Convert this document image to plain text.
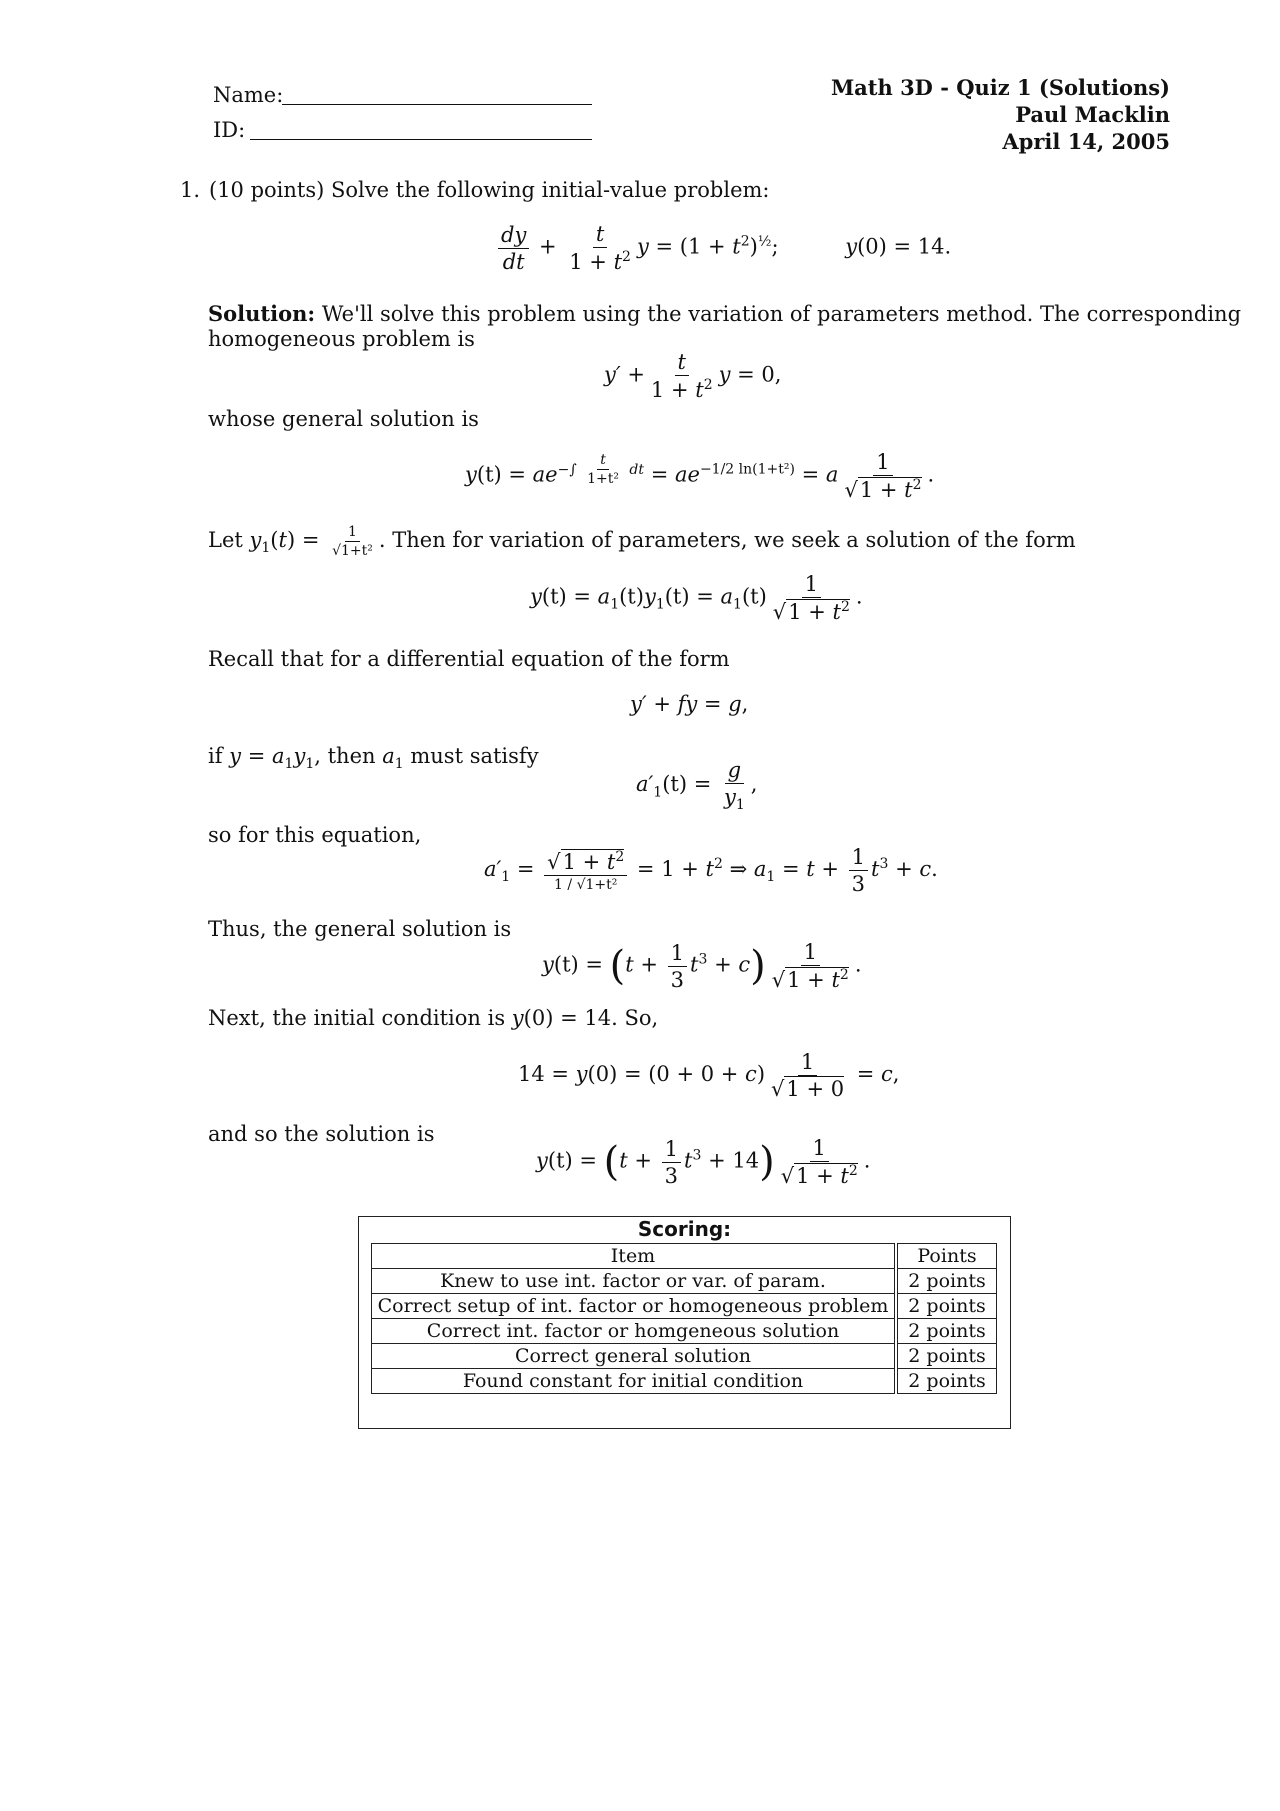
Name:
ID:
Math 3D - Quiz 1 (Solutions)
Paul Macklin
April 14, 2005
1. (10 points) Solve the following initial-value problem:
$\frac{dy}{dt} + \frac{t}{1 + t^2}$ $y = (1 + t^2)^{\frac{1}{2}}$;	y(0) = 14.
Solution: We'll solve this problem using the variation of parameters method. The corresponding
homogeneous problem is
$y' + \frac{t}{1 + t^2}$ y = 0,
whose general solution is
$y(t) = ae^{-\int \frac{t}{\text{1+t²}} dt} = ae^{-1/2 ln(1+t^2)} = a \frac{1}{√1 + t^2}$ .
Let $y_1(t) = \frac{1}{\text{√1+t²}}$ . Then for variation of parameters, we seek a solution of the form
$y(t) = a_1(t)y_1(t) = a_1(t) \frac{1}{√1 + t^2}$ .
Recall that for a differential equation of the form
y′ + fy = g,
if $y = a_1y_1$, then $a_1$ must satisfy
$a'_1(t) = \frac{g}{y_1}$ ,
so for this equation,
$a'_1 = \frac{√1 + t^2}{\text{1 / √1+t²}} = 1 + t^2$ ⇒ $a_1 = t + \frac{1}{3} t^3 + c$.
Thus, the general solution is
$y(t) = (t + \frac{1}{3} t^3 + c) \frac{1}{√1 + t^2}$ .
Next, the initial condition is y(0) = 14. So,
$14 = y(0) = (0 + 0 + c) \frac{1}{√1 + 0} = c$,
and so the solution is
$y(t) = (t + \frac{1}{3} t^3 + 14) \frac{1}{√1 + t^2}$ .
Scoring:
Item	Points
Knew to use int. factor or var. of param.	2 points
Correct setup of int. factor or homogeneous problem	2 points
Correct int. factor or homgeneous solution	2 points
Correct general solution	2 points
Found constant for initial condition	2 points
